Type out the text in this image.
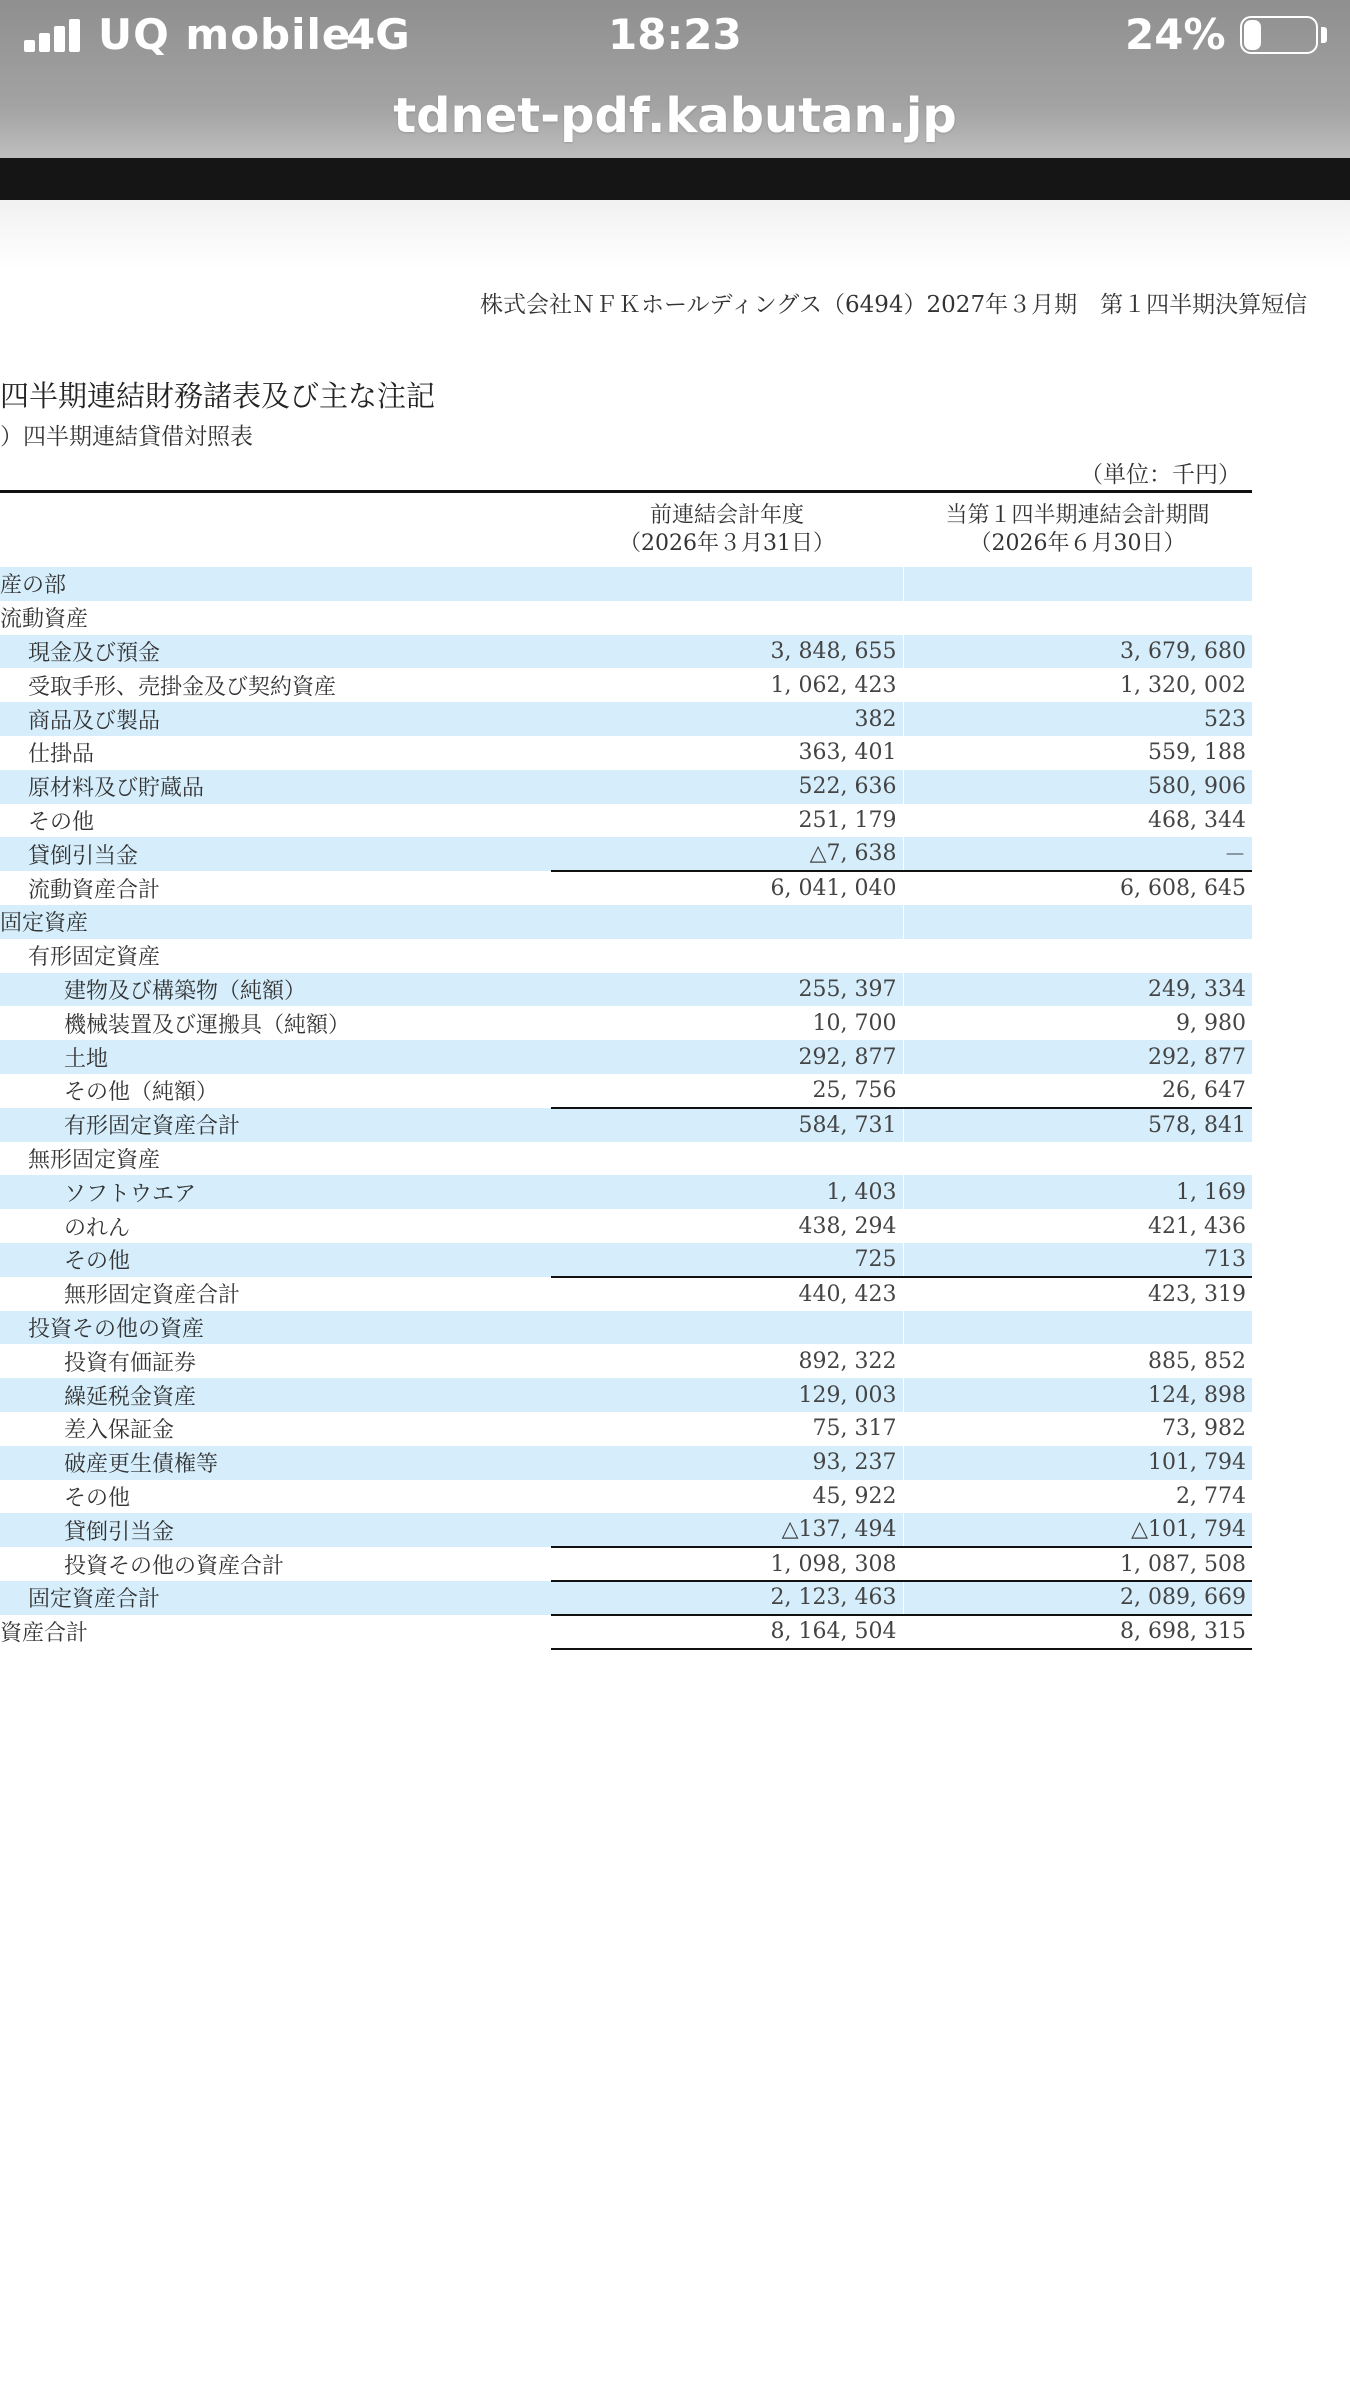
UQ mobile
4G	18:23	24%
tdnet-pdf.kabutan.jp
株式会社ＮＦＫホールディングス（6494）2027年３月期　第１四半期決算短信
四半期連結財務諸表及び主な注記
）四半期連結貸借対照表
（単位：千円）
	前連結会計年度
（2026年３月31日）	当第１四半期連結会計期間
（2026年６月30日）
産の部		
流動資産		
現金及び預金	3, 848, 655	3, 679, 680
受取手形、売掛金及び契約資産	1, 062, 423	1, 320, 002
商品及び製品	382	523
仕掛品	363, 401	559, 188
原材料及び貯蔵品	522, 636	580, 906
その他	251, 179	468, 344
貸倒引当金	△7, 638	－
流動資産合計	6, 041, 040	6, 608, 645
固定資産		
有形固定資産		
建物及び構築物（純額）	255, 397	249, 334
機械装置及び運搬具（純額）	10, 700	9, 980
土地	292, 877	292, 877
その他（純額）	25, 756	26, 647
有形固定資産合計	584, 731	578, 841
無形固定資産		
ソフトウエア	1, 403	1, 169
のれん	438, 294	421, 436
その他	725	713
無形固定資産合計	440, 423	423, 319
投資その他の資産		
投資有価証券	892, 322	885, 852
繰延税金資産	129, 003	124, 898
差入保証金	75, 317	73, 982
破産更生債権等	93, 237	101, 794
その他	45, 922	2, 774
貸倒引当金	△137, 494	△101, 794
投資その他の資産合計	1, 098, 308	1, 087, 508
固定資産合計	2, 123, 463	2, 089, 669
資産合計	8, 164, 504	8, 698, 315
